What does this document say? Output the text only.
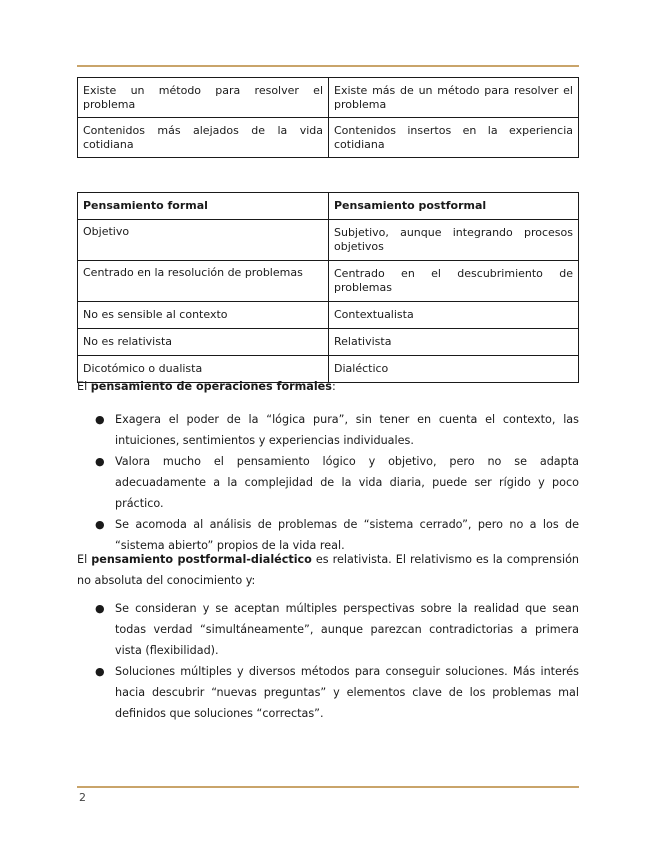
Existe un método para resolver el problema	Existe más de un método para resolver el problema
Contenidos más alejados de la vida cotidiana	Contenidos insertos en la experiencia cotidiana
Pensamiento formal	Pensamiento postformal
Objetivo	Subjetivo, aunque integrando procesos objetivos
Centrado en la resolución de problemas	Centrado en el descubrimiento de problemas
No es sensible al contexto	Contextualista
No es relativista	Relativista
Dicotómico o dualista	Dialéctico

El pensamiento de operaciones formales:

● Exagera el poder de la “lógica pura”, sin tener en cuenta el contexto, las intuiciones, sentimientos y experiencias individuales.
● Valora mucho el pensamiento lógico y objetivo, pero no se adapta adecuadamente a la complejidad de la vida diaria, puede ser rígido y poco práctico.
● Se acomoda al análisis de problemas de “sistema cerrado”, pero no a los de “sistema abierto” propios de la vida real.

El pensamiento postformal-dialéctico es relativista. El relativismo es la comprensión no absoluta del conocimiento y:

● Se consideran y se aceptan múltiples perspectivas sobre la realidad que sean todas verdad “simultáneamente”, aunque parezcan contradictorias a primera vista (flexibilidad).
● Soluciones múltiples y diversos métodos para conseguir soluciones. Más interés hacia descubrir “nuevas preguntas” y elementos clave de los problemas mal definidos que soluciones “correctas”.
2
